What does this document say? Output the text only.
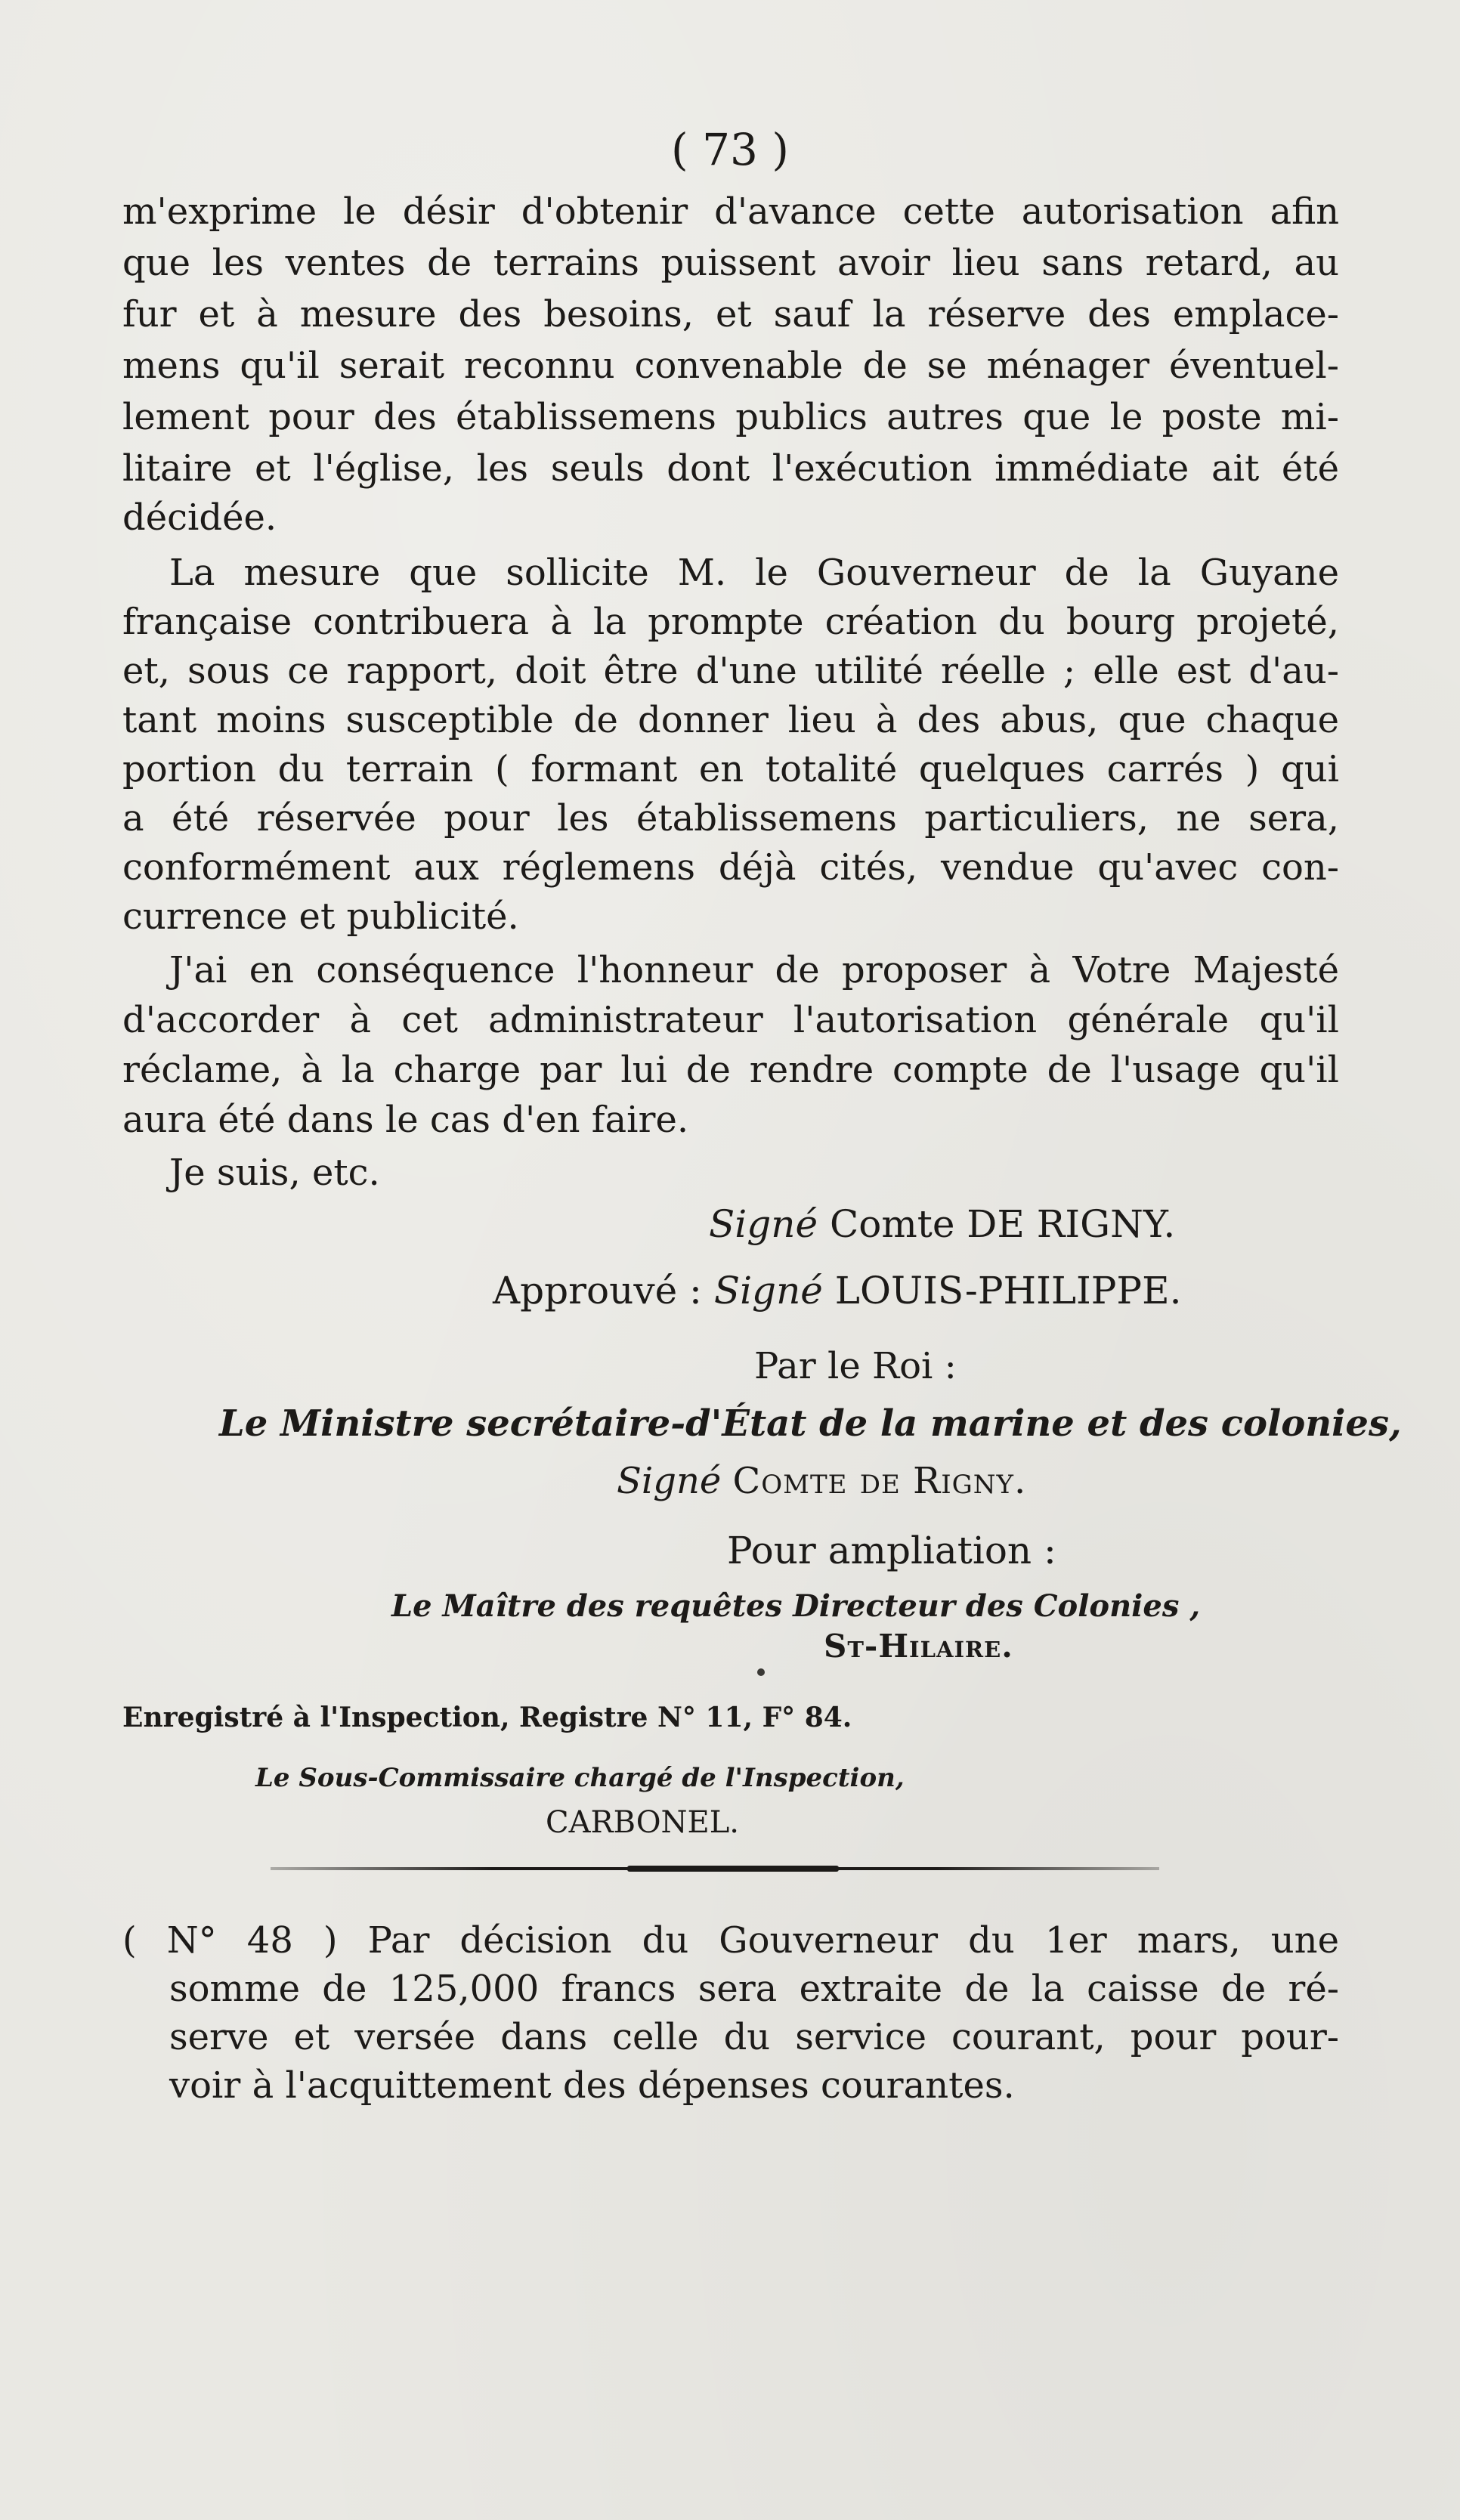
( 73 )
m'exprime le désir d'obtenir d'avance cette autorisation afin
que les ventes de terrains puissent avoir lieu sans retard, au
fur et à mesure des besoins, et sauf la réserve des emplace-
mens qu'il serait reconnu convenable de se ménager éventuel-
lement pour des établissemens publics autres que le poste mi-
litaire et l'église, les seuls dont l'exécution immédiate ait été
décidée.
La mesure que sollicite M. le Gouverneur de la Guyane
française contribuera à la prompte création du bourg projeté,
et, sous ce rapport, doit être d'une utilité réelle ; elle est d'au-
tant moins susceptible de donner lieu à des abus, que chaque
portion du terrain ( formant en totalité quelques carrés ) qui
a été réservée pour les établissemens particuliers, ne sera,
conformément aux réglemens déjà cités, vendue qu'avec con-
currence et publicité.
J'ai en conséquence l'honneur de proposer à Votre Majesté
d'accorder à cet administrateur l'autorisation générale qu'il
réclame, à la charge par lui de rendre compte de l'usage qu'il
aura été dans le cas d'en faire.
Je suis, etc.
Signé Comte DE RIGNY.
Approuvé : Signé LOUIS-PHILIPPE.
Par le Roi :
Le Ministre secrétaire-d'État de la marine et des colonies,
Signé Comte de Rigny.
Pour ampliation :
Le Maître des requêtes Directeur des Colonies ,
St-Hilaire.
Enregistré à l'Inspection, Registre N° 11, F° 84.
Le Sous-Commissaire chargé de l'Inspection,
CARBONEL.
( N° 48 ) Par décision du Gouverneur du 1er mars, une
somme de 125,000 francs sera extraite de la caisse de ré-
serve et versée dans celle du service courant, pour pour-
voir à l'acquittement des dépenses courantes.
